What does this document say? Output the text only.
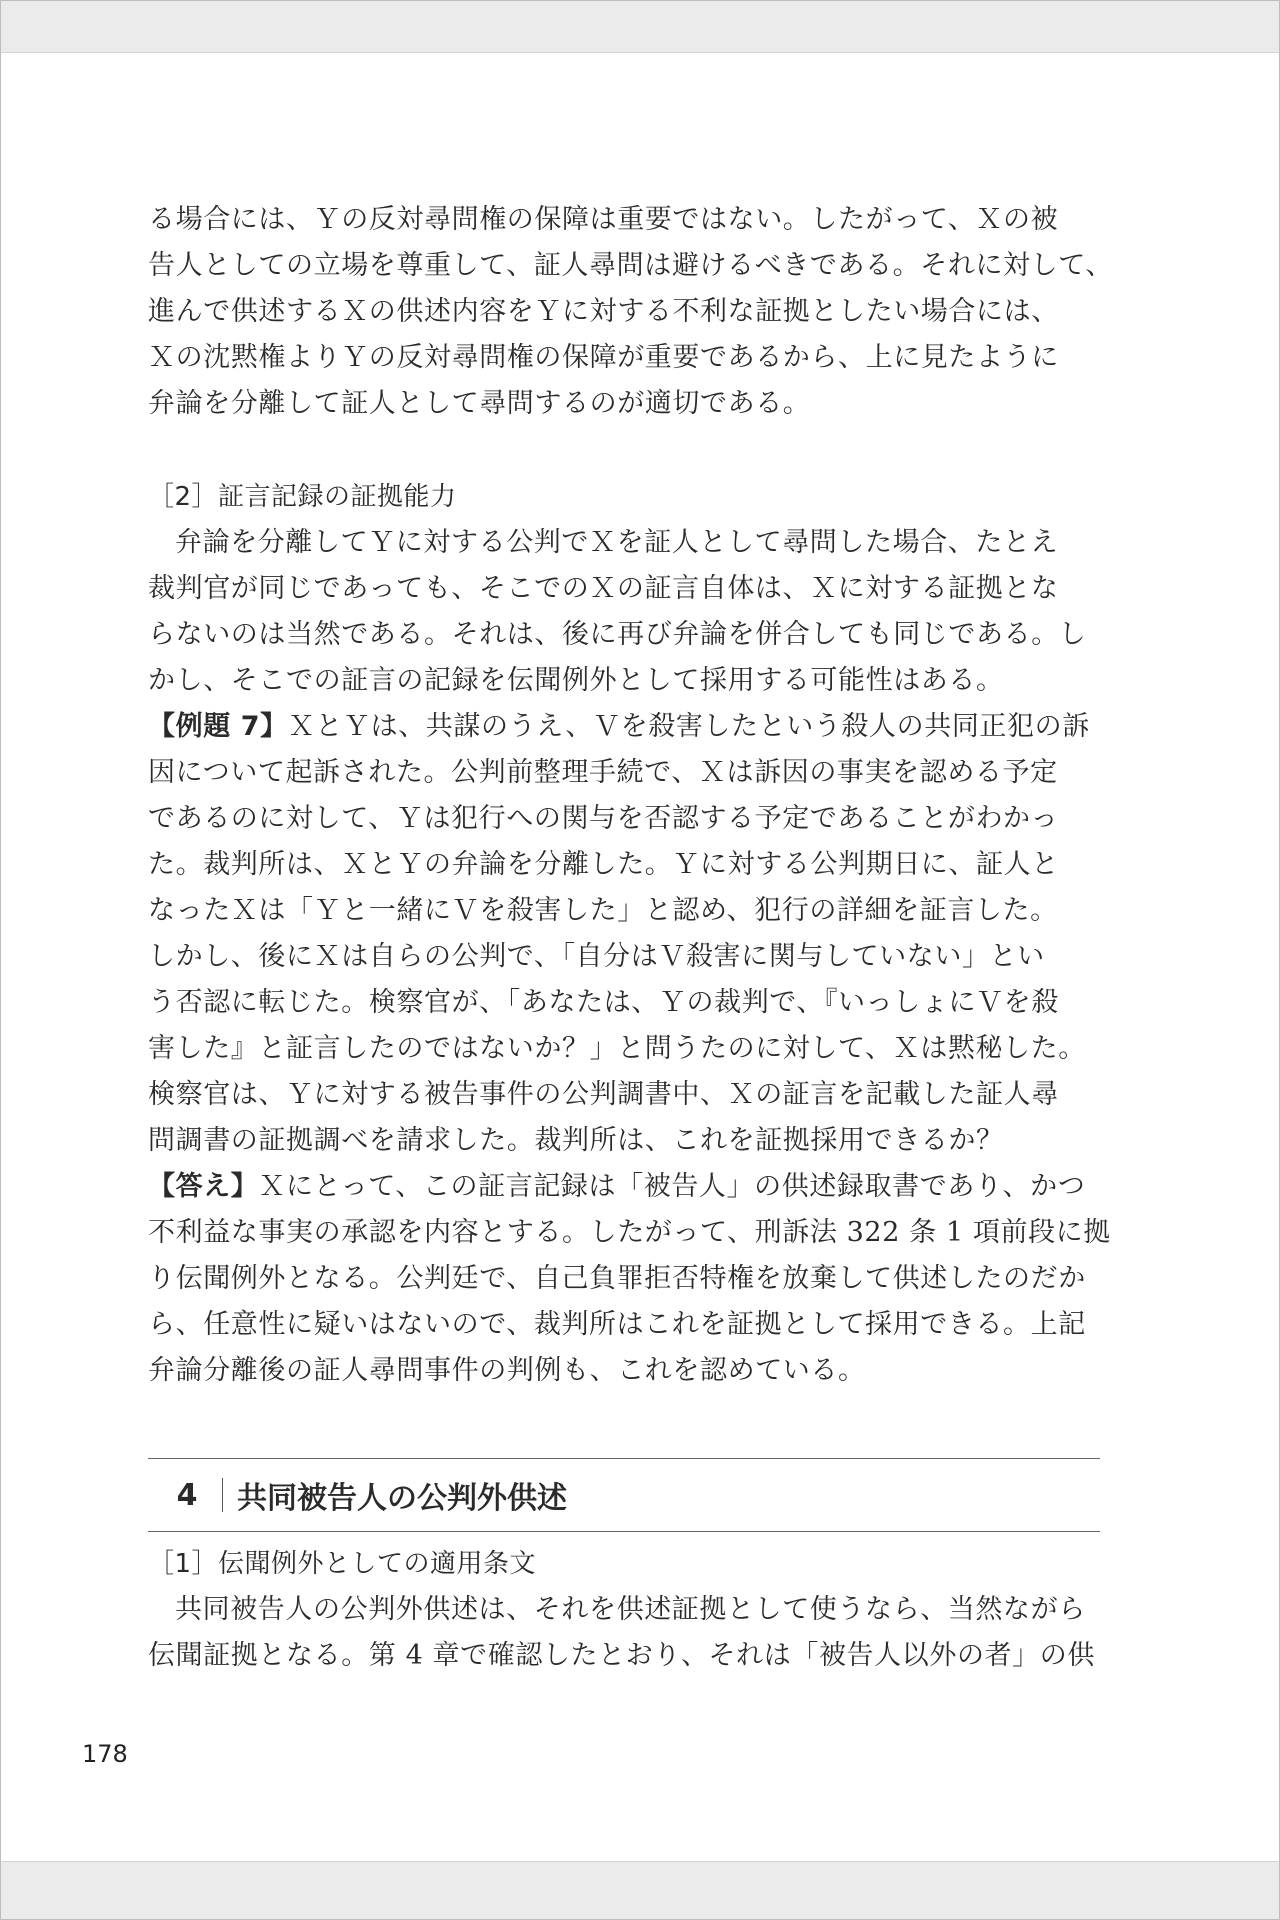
る場合には、Ｙの反対尋問権の保障は重要ではない。したがって、Ｘの被

告人としての立場を尊重して、証人尋問は避けるべきである。それに対して、

進んで供述するＸの供述内容をＹに対する不利な証拠としたい場合には、

Ｘの沈黙権よりＹの反対尋問権の保障が重要であるから、上に見たように

弁論を分離して証人として尋問するのが適切である。

［2］証言記録の証拠能力

弁論を分離してＹに対する公判でＸを証人として尋問した場合、たとえ

裁判官が同じであっても、そこでのＸの証言自体は、Ｘに対する証拠とな

らないのは当然である。それは、後に再び弁論を併合しても同じである。し

かし、そこでの証言の記録を伝聞例外として採用する可能性はある。

【例題 7】ＸとＹは、共謀のうえ、Ｖを殺害したという殺人の共同正犯の訴

因について起訴された。公判前整理手続で、Ｘは訴因の事実を認める予定

であるのに対して、Ｙは犯行への関与を否認する予定であることがわかっ

た。裁判所は、ＸとＹの弁論を分離した。Ｙに対する公判期日に、証人と

なったＸは「Ｙと一緒にＶを殺害した」と認め、犯行の詳細を証言した。

しかし、後にＸは自らの公判で、「自分はＶ殺害に関与していない」とい

う否認に転じた。検察官が、「あなたは、Ｙの裁判で、『いっしょにＶを殺

害した』と証言したのではないか？」と問うたのに対して、Ｘは黙秘した。

検察官は、Ｙに対する被告事件の公判調書中、Ｘの証言を記載した証人尋

問調書の証拠調べを請求した。裁判所は、これを証拠採用できるか？

【答え】Ｘにとって、この証言記録は「被告人」の供述録取書であり、かつ

不利益な事実の承認を内容とする。したがって、刑訴法 322 条 1 項前段に拠

り伝聞例外となる。公判廷で、自己負罪拒否特権を放棄して供述したのだか

ら、任意性に疑いはないので、裁判所はこれを証拠として採用できる。上記

弁論分離後の証人尋問事件の判例も、これを認めている。

4	共同被告人の公判外供述

［1］伝聞例外としての適用条文

共同被告人の公判外供述は、それを供述証拠として使うなら、当然ながら

伝聞証拠となる。第 4 章で確認したとおり、それは「被告人以外の者」の供

178
